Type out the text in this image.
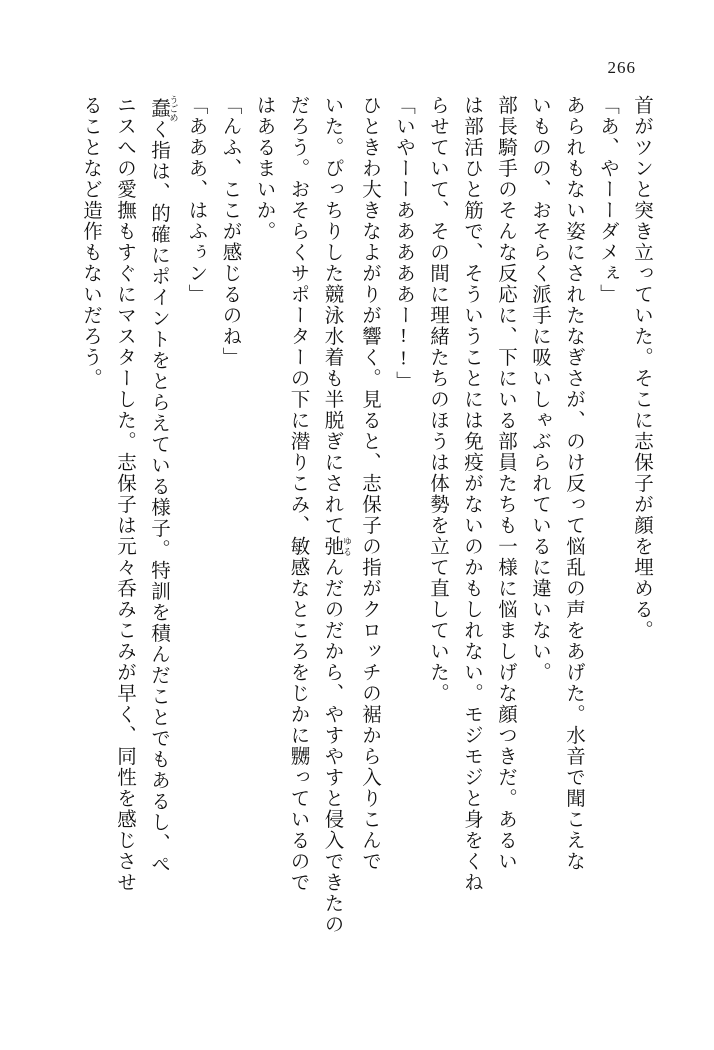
266

首がツンと突き立っていた。そこに志保子が顔を埋める。

「あ、やーーダメぇ」

あられもない姿にされたなぎさが、のけ反って悩乱の声をあげた。水音で聞こえな

いものの、おそらく派手に吸いしゃぶられているに違いない。

部長騎手のそんな反応に、下にいる部員たちも一様に悩ましげな顔つきだ。あるい

は部活ひと筋で、そういうことには免疫がないのかもしれない。モジモジと身をくね

らせていて、その間に理緒たちのほうは体勢を立て直していた。

「いやーーあああああー!!」

ひときわ大きなよがりが響く。見ると、志保子の指がクロッチの裾から入りこんで

いた。ぴっちりした競泳水着も半脱ぎにされて弛 ゆるんだのだから、やすやすと侵入できたの

だろう。おそらくサポーターの下に潜りこみ、敏感なところをじかに嬲っているので

はあるまいか。

「んふ、ここが感じるのね」

「あああ、はふぅン」

蠢 うごめく指は、的確にポイントをとらえている様子。特訓を積んだことでもあるし、ぺ

ニスへの愛撫もすぐにマスターした。志保子は元々呑みこみが早く、同性を感じさせ

ることなど造作もないだろう。
